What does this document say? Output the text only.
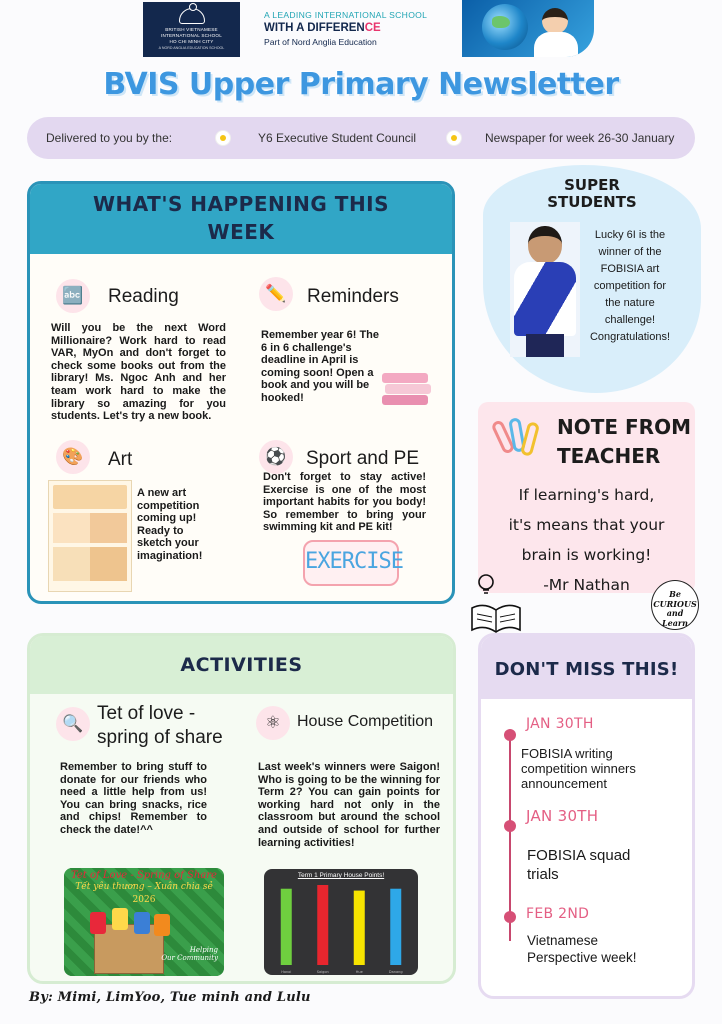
BRITISH VIETNAMESE
INTERNATIONAL SCHOOL
HO CHI MINH CITY
A NORD ANGLIA EDUCATION SCHOOL
A LEADING INTERNATIONAL SCHOOL
WITH A DIFFERENCE
Part of Nord Anglia Education
BVIS Upper Primary Newsletter
Delivered to you by the:	Y6 Executive Student Council	Newspaper for week 26-30 January
WHAT'S HAPPENING THIS
WEEK
🔤	Reading
Will you be the next Word Millionaire? Work hard to read VAR, MyOn and don't forget to check some books out from the library! Ms. Ngoc Anh and her team work hard to make the library so amazing for you students. Let's try a new book.
✏️	Reminders
Remember year 6! The 6 in 6 challenge's deadline in April is coming soon! Open a book and you will be hooked!
🎨	Art
A new art competition coming up! Ready to sketch your imagination!
⚽	Sport and PE
Don't forget to stay active! Exercise is one of the most important habits for you body! So remember to bring your swimming kit and PE kit!
EXERCISE
SUPER
STUDENTS
Lucky 6I is the
winner of the
FOBISIA art
competition for
the nature
challenge!
Congratulations!
NOTE FROM
TEACHER
If learning's hard,
it's means that your
brain is working!
-Mr Nathan	Be
CURIOUS
and
Learn
ACTIVITIES
🔍 Tet of love -
spring of share
Remember to bring stuff to donate for our friends who need a little help from us! You can bring snacks, rice and chips! Remember to check the date!^^
⚛	House Competition
Last week's winners were Saigon! Who is going to be the winning for Term 2? You can gain points for working hard not only in the classroom but around the school and outside of school for further learning activities!
Tet of Love - Spring of Share
Tết yêu thương – Xuân chia sẻ
2026
Helping
Our Community
Term 1 Primary House Points!
Hanoi	Saigon	Hue	Danang
DON'T MISS THIS!
JAN 30TH
FOBISIA writing
competition winners
announcement
JAN 30TH
FOBISIA squad
trials
FEB 2ND
Vietnamese
Perspective week!
By: Mimi, LimYoo, Tue minh and Lulu
